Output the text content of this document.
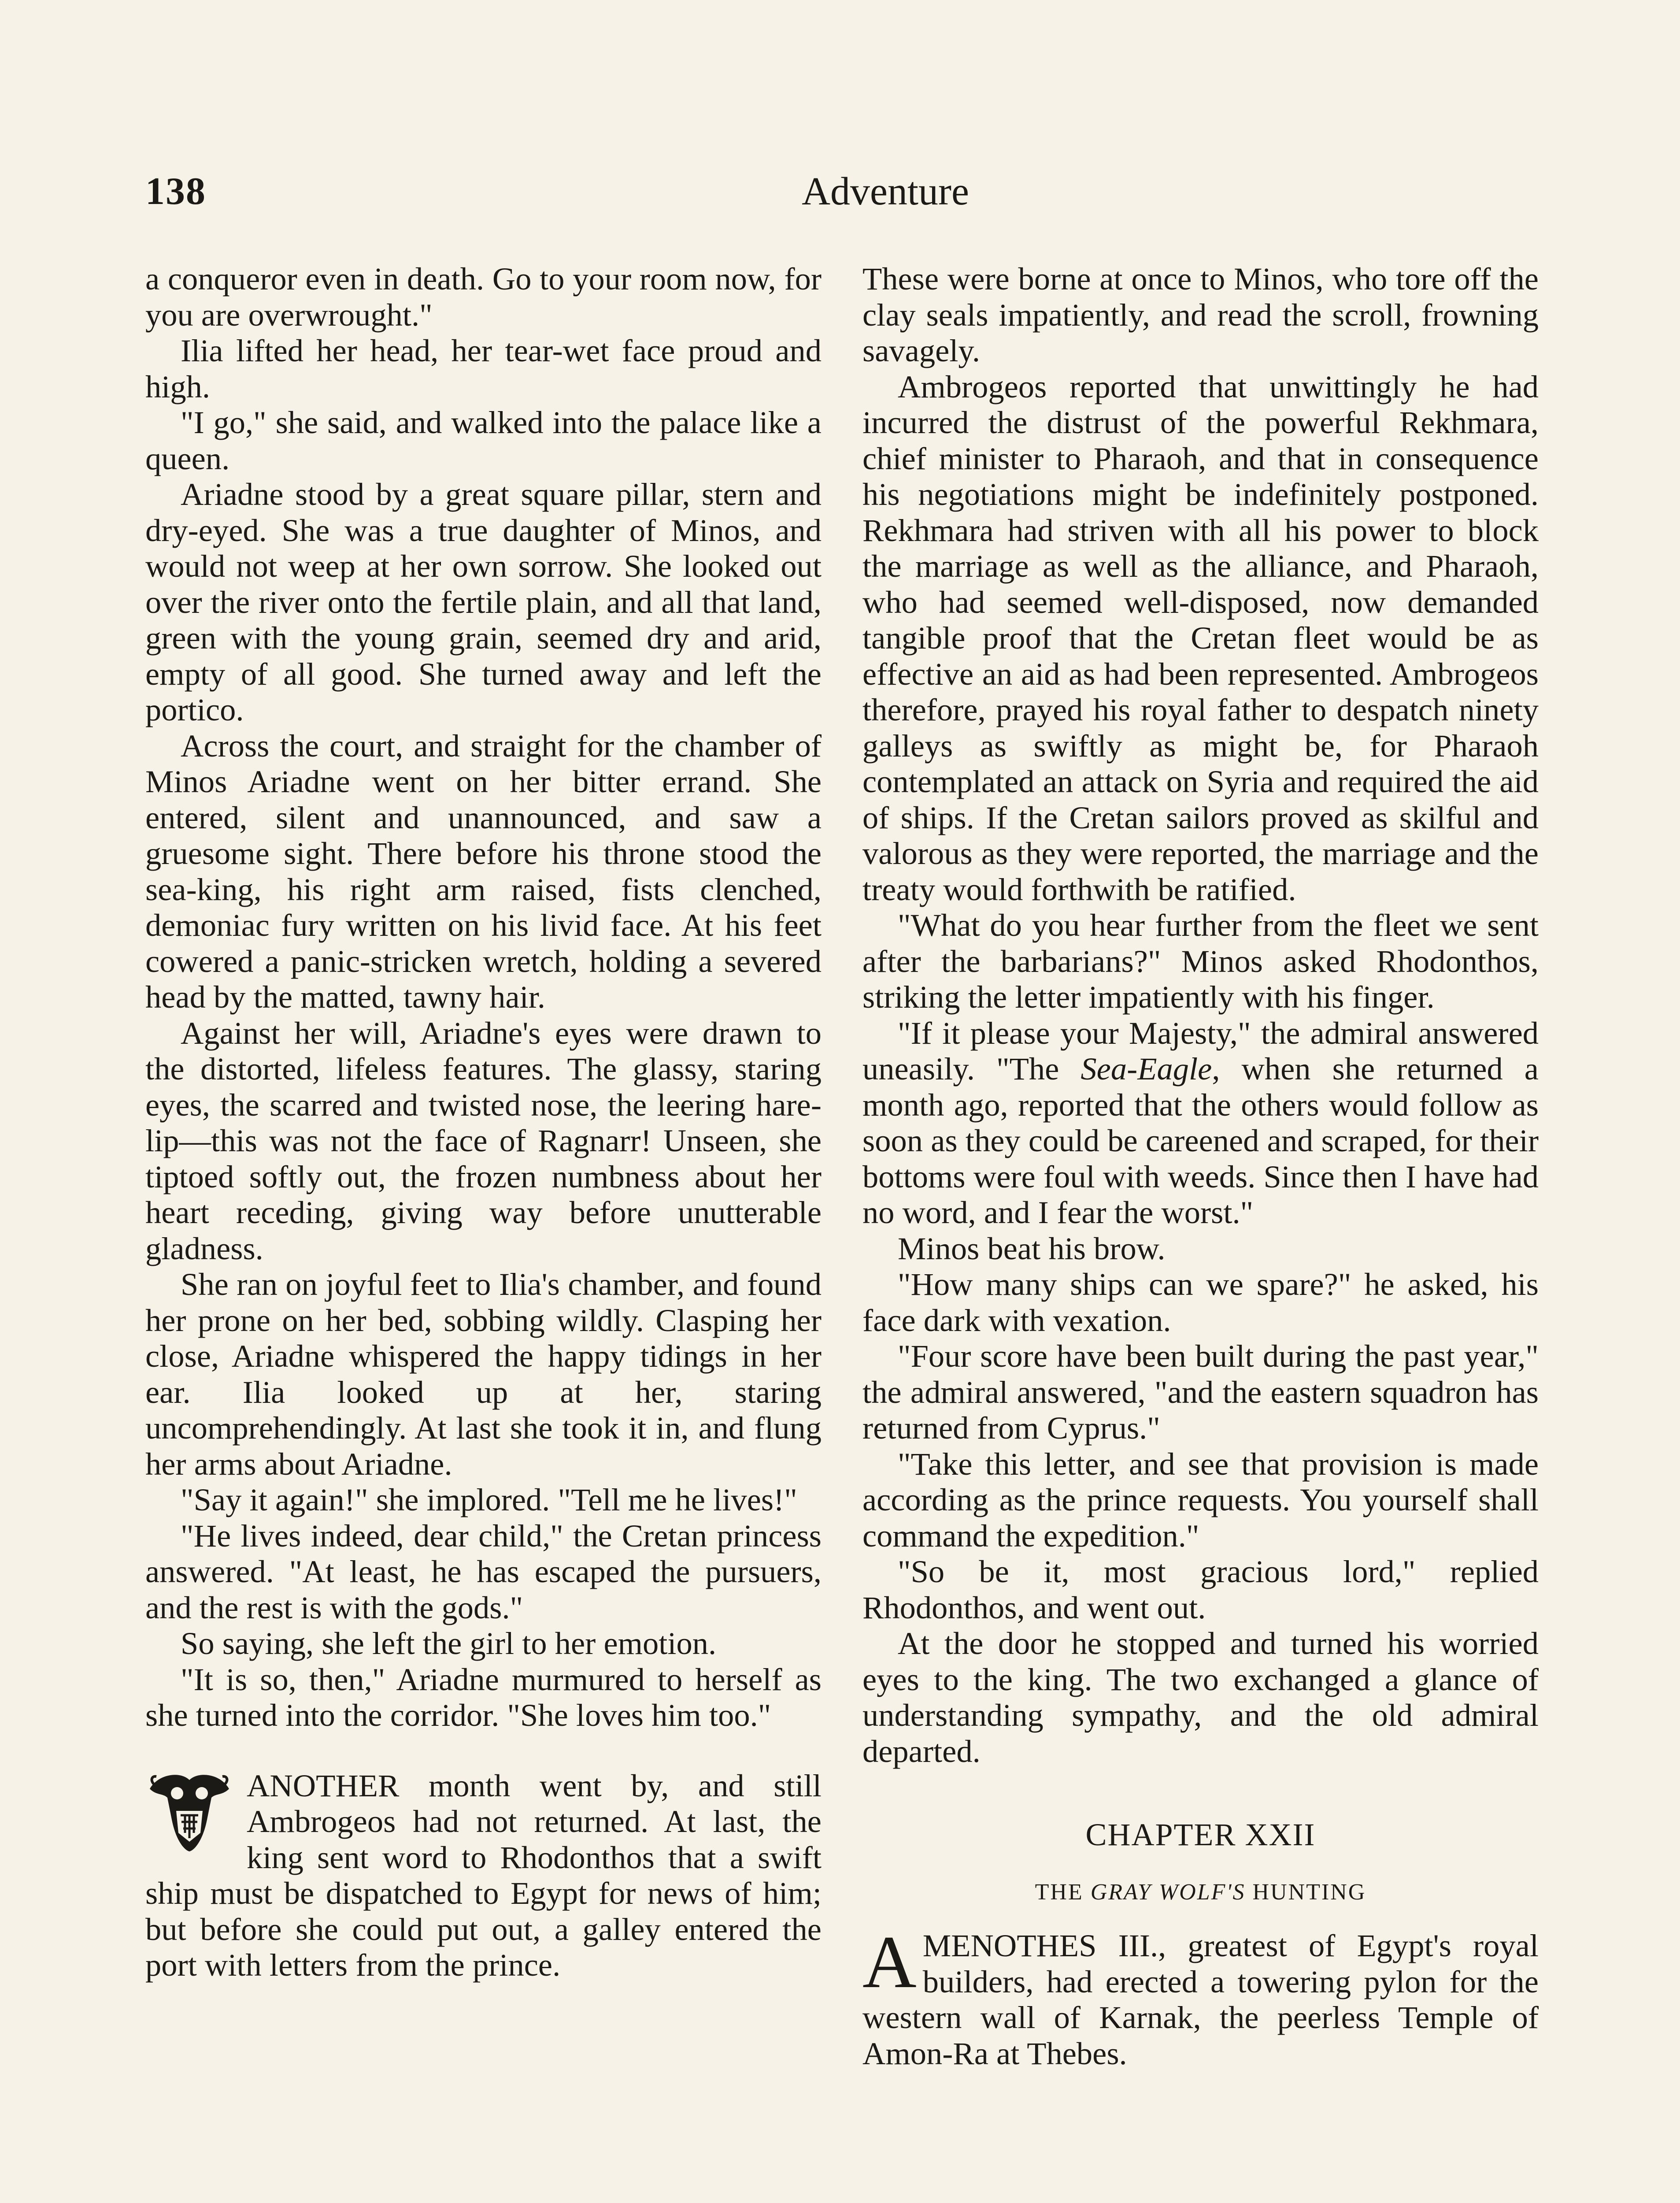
138	Adventure

a conqueror even in death. Go to your room now, for you are overwrought."

Ilia lifted her head, her tear-wet face proud and high.

"I go," she said, and walked into the palace like a queen.

Ariadne stood by a great square pillar, stern and dry-eyed. She was a true daughter of Minos, and would not weep at her own sorrow. She looked out over the river onto the fertile plain, and all that land, green with the young grain, seemed dry and arid, empty of all good. She turned away and left the portico.

Across the court, and straight for the chamber of Minos Ariadne went on her bitter errand. She entered, silent and unannounced, and saw a gruesome sight. There before his throne stood the sea-king, his right arm raised, fists clenched, demoniac fury written on his livid face. At his feet cowered a panic-stricken wretch, holding a severed head by the matted, tawny hair.

Against her will, Ariadne's eyes were drawn to the distorted, lifeless features. The glassy, staring eyes, the scarred and twisted nose, the leering hare-lip—this was not the face of Ragnarr! Unseen, she tiptoed softly out, the frozen numbness about her heart receding, giving way before unutterable gladness.

She ran on joyful feet to Ilia's chamber, and found her prone on her bed, sobbing wildly. Clasping her close, Ariadne whispered the happy tidings in her ear. Ilia looked up at her, staring uncomprehendingly. At last she took it in, and flung her arms about Ariadne.

"Say it again!" she implored. "Tell me he lives!"

"He lives indeed, dear child," the Cretan princess answered. "At least, he has escaped the pursuers, and the rest is with the gods."

So saying, she left the girl to her emotion.

"It is so, then," Ariadne murmured to herself as she turned into the corridor. "She loves him too."

ANOTHER month went by, and still Ambrogeos had not returned. At last, the king sent word to Rhodonthos that a swift ship must be dispatched to Egypt for news of him; but before she could put out, a galley entered the port with letters from the prince.

These were borne at once to Minos, who tore off the clay seals impatiently, and read the scroll, frowning savagely.

Ambrogeos reported that unwittingly he had incurred the distrust of the powerful Rekhmara, chief minister to Pharaoh, and that in consequence his negotiations might be indefinitely postponed. Rekhmara had striven with all his power to block the marriage as well as the alliance, and Pharaoh, who had seemed well-disposed, now demanded tangible proof that the Cretan fleet would be as effective an aid as had been represented. Ambrogeos therefore, prayed his royal father to despatch ninety galleys as swiftly as might be, for Pharaoh contemplated an attack on Syria and required the aid of ships. If the Cretan sailors proved as skilful and valorous as they were reported, the marriage and the treaty would forthwith be ratified.

"What do you hear further from the fleet we sent after the barbarians?" Minos asked Rhodonthos, striking the letter impatiently with his finger.

"If it please your Majesty," the admiral answered uneasily. "The Sea-Eagle, when she returned a month ago, reported that the others would follow as soon as they could be careened and scraped, for their bottoms were foul with weeds. Since then I have had no word, and I fear the worst."

Minos beat his brow.

"How many ships can we spare?" he asked, his face dark with vexation.

"Four score have been built during the past year," the admiral answered, "and the eastern squadron has returned from Cyprus."

"Take this letter, and see that provision is made according as the prince requests. You yourself shall command the expedition."

"So be it, most gracious lord," replied Rhodonthos, and went out.

At the door he stopped and turned his worried eyes to the king. The two exchanged a glance of understanding sympathy, and the old admiral departed.

CHAPTER XXII
THE GRAY WOLF'S HUNTING
A MENOTHES III., greatest of Egypt's royal builders, had erected a towering pylon for the western wall of Karnak, the peerless Temple of Amon-Ra at Thebes.
